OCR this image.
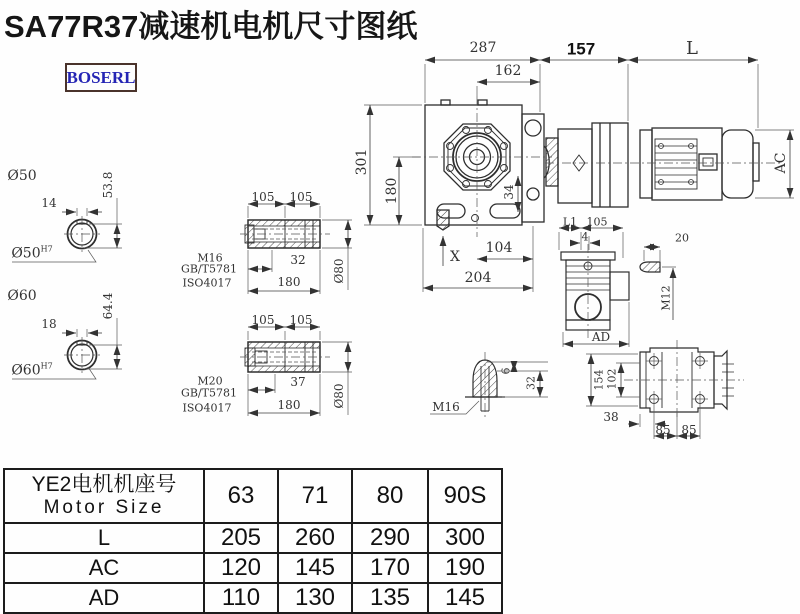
SA77R37减速机电机尺寸图纸
BOSERL
287
162
157	L
AC
301
180	34
X
104
204
Ø50
14
53.8
$Ø50^{H7}$
Ø60
18
64.4
$Ø60^{H7}$
105 105
M16
GB/T5781
ISO4017
32
180	Ø80
105 105
M20
GB/T5781
ISO4017
37
180	Ø80
L1 105
4
AD
20
M12
M16
6
32	154 102
38
85 85
YE2电机机座号
Motor Size	63	71	80	90S
L	205	260	290	300
AC	120	145	170	190
AD	110	130	135	145
